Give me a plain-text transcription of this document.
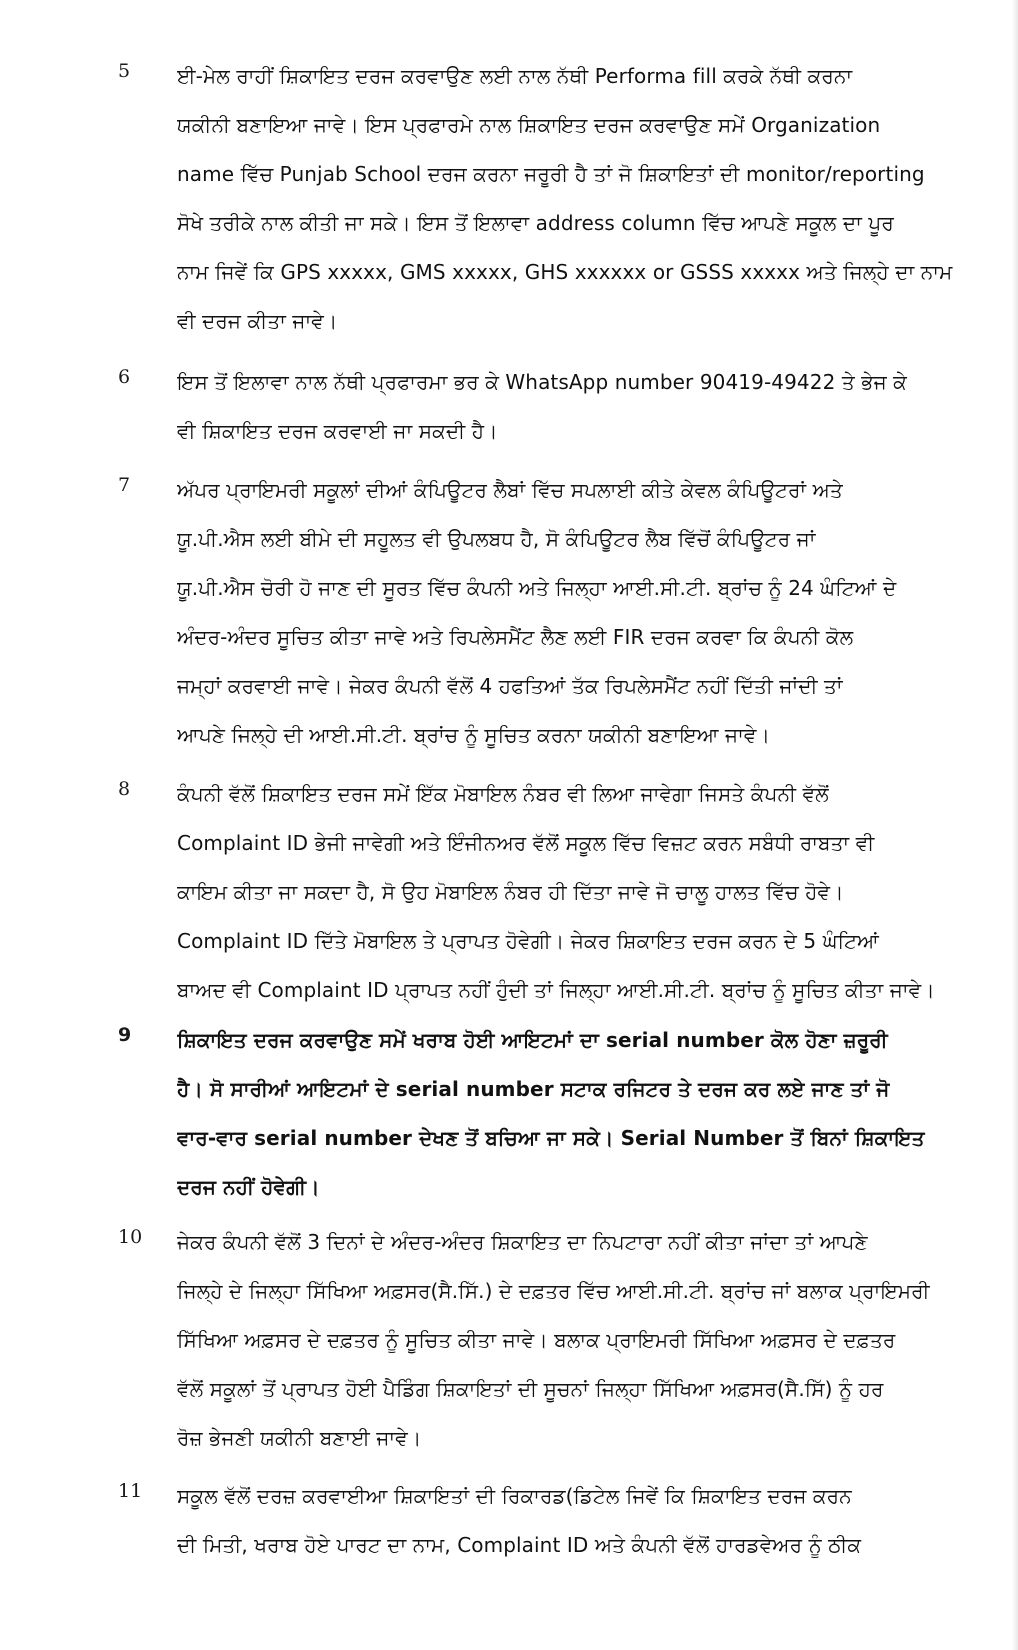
5 ਈ-ਮੇਲ ਰਾਹੀਂ ਸ਼ਿਕਾਇਤ ਦਰਜ ਕਰਵਾਉਣ ਲਈ ਨਾਲ ਨੱਥੀ Performa fill ਕਰਕੇ ਨੱਥੀ ਕਰਨਾ
ਯਕੀਨੀ ਬਣਾਇਆ ਜਾਵੇ। ਇਸ ਪ੍ਰਫਾਰਮੇ ਨਾਲ ਸ਼ਿਕਾਇਤ ਦਰਜ ਕਰਵਾਉਣ ਸਮੇਂ Organization
name ਵਿੱਚ Punjab School ਦਰਜ ਕਰਨਾ ਜਰੂਰੀ ਹੈ ਤਾਂ ਜੋ ਸ਼ਿਕਾਇਤਾਂ ਦੀ monitor/reporting
ਸੋਖੇ ਤਰੀਕੇ ਨਾਲ ਕੀਤੀ ਜਾ ਸਕੇ। ਇਸ ਤੋਂ ਇਲਾਵਾ address column ਵਿੱਚ ਆਪਣੇ ਸਕੂਲ ਦਾ ਪੂਰ
ਨਾਮ ਜਿਵੇਂ ਕਿ GPS xxxxx, GMS xxxxx, GHS xxxxxx or GSSS xxxxx ਅਤੇ ਜਿਲ੍ਹੇ ਦਾ ਨਾਮ
ਵੀ ਦਰਜ ਕੀਤਾ ਜਾਵੇ।
6 ਇਸ ਤੋਂ ਇਲਾਵਾ ਨਾਲ ਨੱਥੀ ਪ੍ਰਫਾਰਮਾ ਭਰ ਕੇ WhatsApp number 90419-49422 ਤੇ ਭੇਜ ਕੇ
ਵੀ ਸ਼ਿਕਾਇਤ ਦਰਜ ਕਰਵਾਈ ਜਾ ਸਕਦੀ ਹੈ।
7 ਅੱਪਰ ਪ੍ਰਾਇਮਰੀ ਸਕੂਲਾਂ ਦੀਆਂ ਕੰਪਿਊਟਰ ਲੈਬਾਂ ਵਿੱਚ ਸਪਲਾਈ ਕੀਤੇ ਕੇਵਲ ਕੰਪਿਊਟਰਾਂ ਅਤੇ
ਯੂ.ਪੀ.ਐਸ ਲਈ ਬੀਮੇ ਦੀ ਸਹੂਲਤ ਵੀ ਉਪਲਬਧ ਹੈ, ਸੋ ਕੰਪਿਊਟਰ ਲੈਬ ਵਿੱਚੋਂ ਕੰਪਿਊਟਰ ਜਾਂ
ਯੂ.ਪੀ.ਐਸ ਚੋਰੀ ਹੋ ਜਾਣ ਦੀ ਸੂਰਤ ਵਿੱਚ ਕੰਪਨੀ ਅਤੇ ਜਿਲ੍ਹਾ ਆਈ.ਸੀ.ਟੀ. ਬ੍ਰਾਂਚ ਨੂੰ 24 ਘੰਟਿਆਂ ਦੇ
ਅੰਦਰ-ਅੰਦਰ ਸੂਚਿਤ ਕੀਤਾ ਜਾਵੇ ਅਤੇ ਰਿਪਲੇਸਮੈਂਟ ਲੈਣ ਲਈ FIR ਦਰਜ ਕਰਵਾ ਕਿ ਕੰਪਨੀ ਕੋਲ
ਜਮ੍ਹਾਂ ਕਰਵਾਈ ਜਾਵੇ। ਜੇਕਰ ਕੰਪਨੀ ਵੱਲੋਂ 4 ਹਫਤਿਆਂ ਤੱਕ ਰਿਪਲੇਸਮੈਂਟ ਨਹੀਂ ਦਿੱਤੀ ਜਾਂਦੀ ਤਾਂ
ਆਪਣੇ ਜਿਲ੍ਹੇ ਦੀ ਆਈ.ਸੀ.ਟੀ. ਬ੍ਰਾਂਚ ਨੂੰ ਸੂਚਿਤ ਕਰਨਾ ਯਕੀਨੀ ਬਣਾਇਆ ਜਾਵੇ।
8 ਕੰਪਨੀ ਵੱਲੋਂ ਸ਼ਿਕਾਇਤ ਦਰਜ ਸਮੇਂ ਇੱਕ ਮੋਬਾਇਲ ਨੰਬਰ ਵੀ ਲਿਆ ਜਾਵੇਗਾ ਜਿਸਤੇ ਕੰਪਨੀ ਵੱਲੋਂ
Complaint ID ਭੇਜੀ ਜਾਵੇਗੀ ਅਤੇ ਇੰਜੀਨਅਰ ਵੱਲੋਂ ਸਕੂਲ ਵਿੱਚ ਵਿਜ਼ਟ ਕਰਨ ਸਬੰਧੀ ਰਾਬਤਾ ਵੀ
ਕਾਇਮ ਕੀਤਾ ਜਾ ਸਕਦਾ ਹੈ, ਸੋ ਉਹ ਮੋਬਾਇਲ ਨੰਬਰ ਹੀ ਦਿੱਤਾ ਜਾਵੇ ਜੋ ਚਾਲੂ ਹਾਲਤ ਵਿੱਚ ਹੋਵੇ।
Complaint ID ਦਿੱਤੇ ਮੋਬਾਇਲ ਤੇ ਪ੍ਰਾਪਤ ਹੋਵੇਗੀ। ਜੇਕਰ ਸ਼ਿਕਾਇਤ ਦਰਜ ਕਰਨ ਦੇ 5 ਘੰਟਿਆਂ
ਬਾਅਦ ਵੀ Complaint ID ਪ੍ਰਾਪਤ ਨਹੀਂ ਹੁੰਦੀ ਤਾਂ ਜਿਲ੍ਹਾ ਆਈ.ਸੀ.ਟੀ. ਬ੍ਰਾਂਚ ਨੂੰ ਸੂਚਿਤ ਕੀਤਾ ਜਾਵੇ।
9 ਸ਼ਿਕਾਇਤ ਦਰਜ ਕਰਵਾਉਣ ਸਮੇਂ ਖਰਾਬ ਹੋਈ ਆਇਟਮਾਂ ਦਾ serial number ਕੋਲ ਹੋਣਾ ਜ਼ਰੂਰੀ
ਹੈ। ਸੋ ਸਾਰੀਆਂ ਆਇਟਮਾਂ ਦੇ serial number ਸਟਾਕ ਰਜਿਟਰ ਤੇ ਦਰਜ ਕਰ ਲਏ ਜਾਣ ਤਾਂ ਜੋ
ਵਾਰ-ਵਾਰ serial number ਦੇਖਣ ਤੋਂ ਬਚਿਆ ਜਾ ਸਕੇ। Serial Number ਤੋਂ ਬਿਨਾਂ ਸ਼ਿਕਾਇਤ
ਦਰਜ ਨਹੀਂ ਹੋਵੇਗੀ।
10 ਜੇਕਰ ਕੰਪਨੀ ਵੱਲੋਂ 3 ਦਿਨਾਂ ਦੇ ਅੰਦਰ-ਅੰਦਰ ਸ਼ਿਕਾਇਤ ਦਾ ਨਿਪਟਾਰਾ ਨਹੀਂ ਕੀਤਾ ਜਾਂਦਾ ਤਾਂ ਆਪਣੇ
ਜਿਲ੍ਹੇ ਦੇ ਜਿਲ੍ਹਾ ਸਿੱਖਿਆ ਅਫ਼ਸਰ(ਸੈ.ਸਿੱ.) ਦੇ ਦਫ਼ਤਰ ਵਿੱਚ ਆਈ.ਸੀ.ਟੀ. ਬ੍ਰਾਂਚ ਜਾਂ ਬਲਾਕ ਪ੍ਰਾਇਮਰੀ
ਸਿੱਖਿਆ ਅਫ਼ਸਰ ਦੇ ਦਫ਼ਤਰ ਨੂੰ ਸੂਚਿਤ ਕੀਤਾ ਜਾਵੇ। ਬਲਾਕ ਪ੍ਰਾਇਮਰੀ ਸਿੱਖਿਆ ਅਫ਼ਸਰ ਦੇ ਦਫ਼ਤਰ
ਵੱਲੋਂ ਸਕੂਲਾਂ ਤੋਂ ਪ੍ਰਾਪਤ ਹੋਈ ਪੈਡਿੰਗ ਸ਼ਿਕਾਇਤਾਂ ਦੀ ਸੂਚਨਾਂ ਜਿਲ੍ਹਾ ਸਿੱਖਿਆ ਅਫ਼ਸਰ(ਸੈ.ਸਿੱ) ਨੂੰ ਹਰ
ਰੋਜ਼ ਭੇਜਣੀ ਯਕੀਨੀ ਬਣਾਈ ਜਾਵੇ।
11 ਸਕੂਲ ਵੱਲੋਂ ਦਰਜ਼ ਕਰਵਾਈਆ ਸ਼ਿਕਾਇਤਾਂ ਦੀ ਰਿਕਾਰਡ(ਡਿਟੇਲ ਜਿਵੇਂ ਕਿ ਸ਼ਿਕਾਇਤ ਦਰਜ ਕਰਨ
ਦੀ ਮਿਤੀ, ਖਰਾਬ ਹੋਏ ਪਾਰਟ ਦਾ ਨਾਮ, Complaint ID ਅਤੇ ਕੰਪਨੀ ਵੱਲੋਂ ਹਾਰਡਵੇਅਰ ਨੂੰ ਠੀਕ
